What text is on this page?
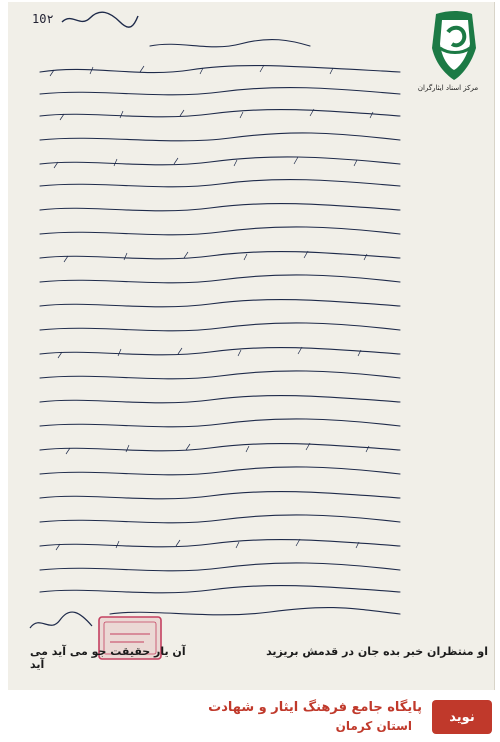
10۲
مرکز اسناد ایثارگران
آن یار حقیقت جو می آید می آید
او منتظران خبر بده جان در قدمش بریزید
نوید
پایگاه جامع فرهنگ ایثار و شهادت
استان کرمان
